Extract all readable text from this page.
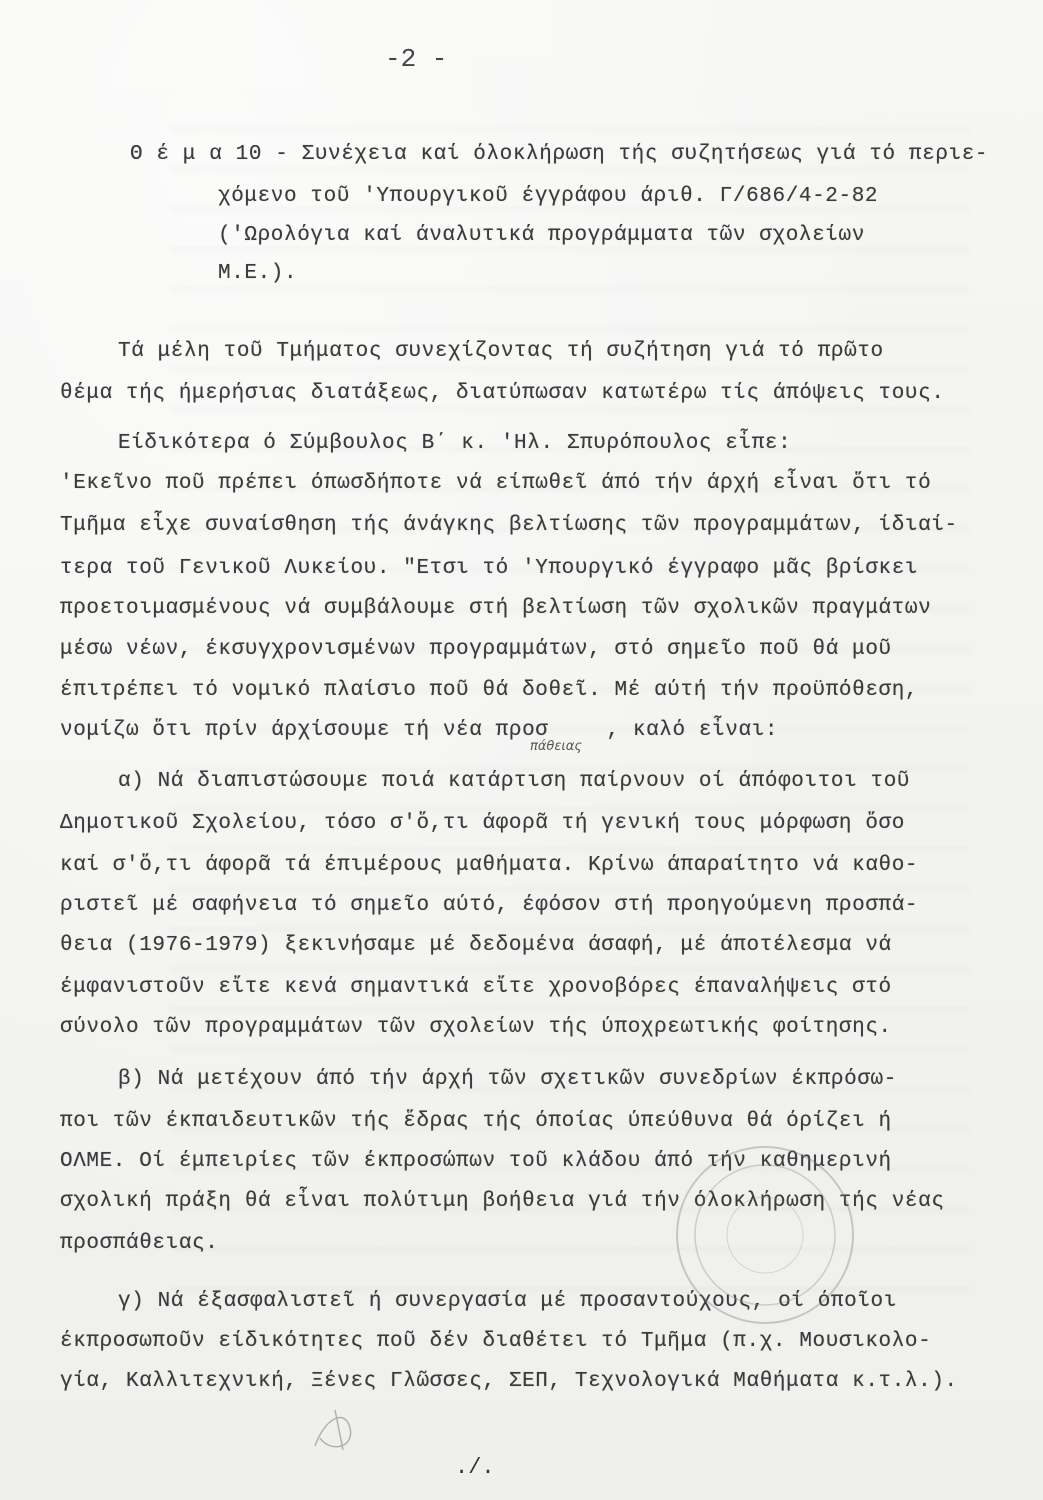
-2 -
Θ έ μ α 10 - Συνέχεια καί όλοκλήρωση τής συζητήσεως γιά τό περιε-
χόμενο τοῦ 'Υπουργικοῦ έγγράφου άριθ. Γ/686/4-2-82
('Ωρολόγια καί άναλυτικά προγράμματα τῶν σχολείων
Μ.Ε.).
Τά μέλη τοῦ Τμήματος συνεχίζοντας τή συζήτηση γιά τό πρῶτο
θέμα τής ήμερήσιας διατάξεως, διατύπωσαν κατωτέρω τίς άπόψεις τους.
Είδικότερα ό Σύμβουλος Β΄ κ. 'Ηλ. Σπυρόπουλος εἶπε:
'Εκεῖνο ποῦ πρέπει όπωσδήποτε νά είπωθεῖ άπό τήν άρχή εἶναι ὅτι τό
Τμῆμα εἶχε συναίσθηση τής άνάγκης βελτίωσης τῶν προγραμμάτων, ίδιαί-
τερα τοῦ Γενικοῦ Λυκείου. "Ετσι τό 'Υπουργικό έγγραφο μᾶς βρίσκει
προετοιμασμένους νά συμβάλουμε στή βελτίωση τῶν σχολικῶν πραγμάτων
μέσω νέων, έκσυγχρονισμένων προγραμμάτων, στό σημεῖο ποῦ θά μοῦ
έπιτρέπει τό νομικό πλαίσιο ποῦ θά δοθεῖ. Μέ αύτή τήν προϋπόθεση,
νομίζω ὅτι πρίν άρχίσουμε τή νέα προσ	, καλό εἶναι:
πάθειας
α) Νά διαπιστώσουμε ποιά κατάρτιση παίρνουν οί άπόφοιτοι τοῦ
Δημοτικοῦ Σχολείου, τόσο σ'ὅ,τι άφορᾶ τή γενική τους μόρφωση ὅσο
καί σ'ὅ,τι άφορᾶ τά έπιμέρους μαθήματα. Κρίνω άπαραίτητο νά καθο-
ριστεῖ μέ σαφήνεια τό σημεῖο αύτό, έφόσον στή προηγούμενη προσπά-
θεια (1976-1979) ξεκινήσαμε μέ δεδομένα άσαφή, μέ άποτέλεσμα νά
έμφανιστοῦν εἴτε κενά σημαντικά εἴτε χρονοβόρες έπαναλήψεις στό
σύνολο τῶν προγραμμάτων τῶν σχολείων τής ύποχρεωτικής φοίτησης.
β) Νά μετέχουν άπό τήν άρχή τῶν σχετικῶν συνεδρίων έκπρόσω-
ποι τῶν έκπαιδευτικῶν τής ἕδρας τής όποίας ύπεύθυνα θά όρίζει ή
ΟΛΜΕ. Οί έμπειρίες τῶν έκπροσώπων τοῦ κλάδου άπό τήν καθημερινή
σχολική πράξη θά εἶναι πολύτιμη βοήθεια γιά τήν όλοκλήρωση τής νέας
προσπάθειας.
γ) Νά έξασφαλιστεῖ ή συνεργασία μέ προσαντούχους, οί όποῖοι
έκπροσωποῦν είδικότητες ποῦ δέν διαθέτει τό Τμῆμα (π.χ. Μουσικολο-
γία, Καλλιτεχνική, Ξένες Γλῶσσες, ΣΕΠ, Τεχνολογικά Μαθήματα κ.τ.λ.).
./.
